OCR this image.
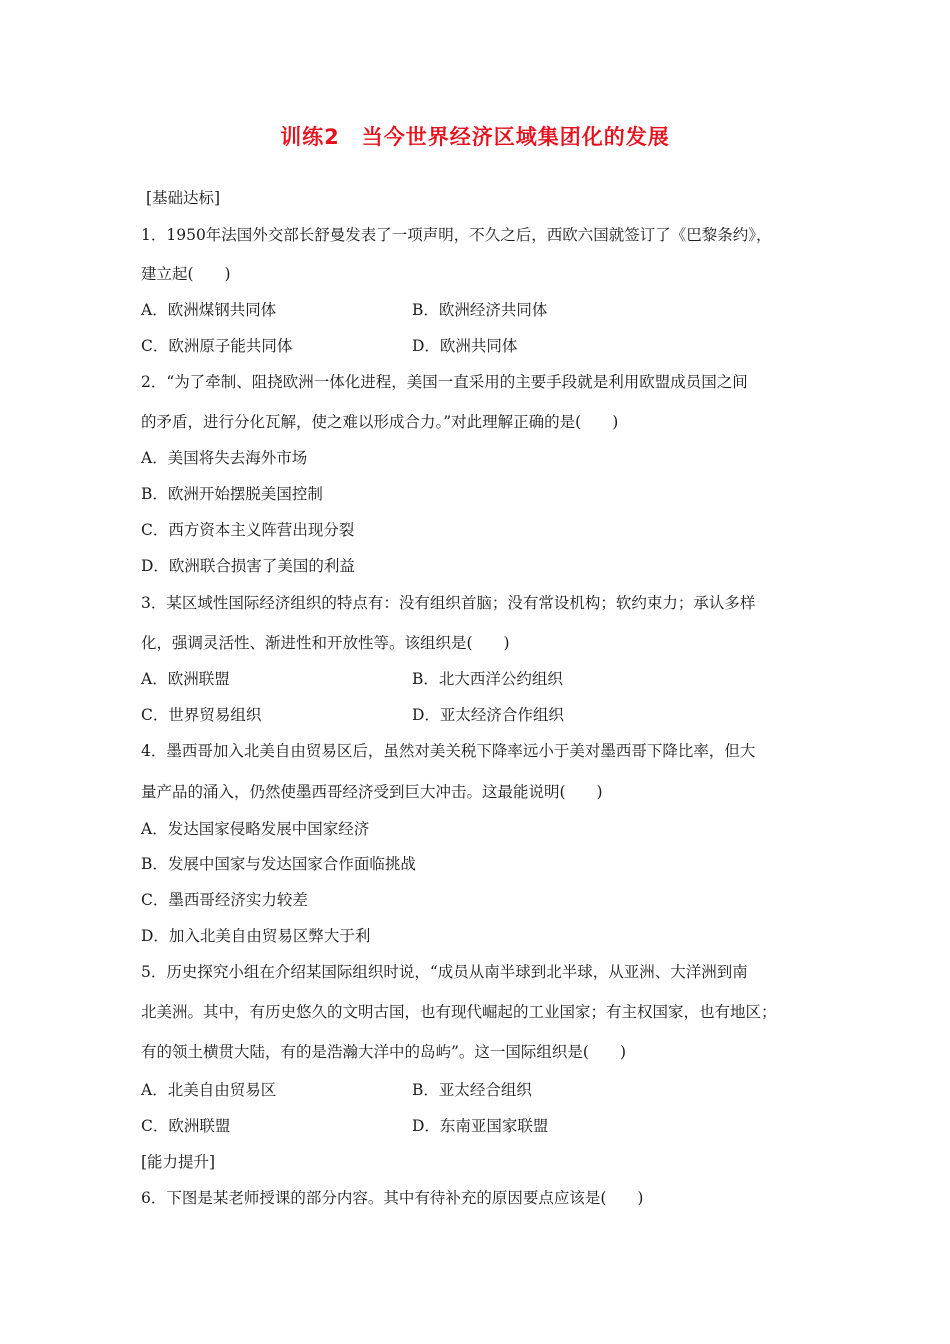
训练2　当今世界经济区域集团化的发展
[基础达标]
1．1950年法国外交部长舒曼发表了一项声明，不久之后，西欧六国就签订了《巴黎条约》，
建立起(　　)
A．欧洲煤钢共同体	B．欧洲经济共同体
C．欧洲原子能共同体	D．欧洲共同体
2．“为了牵制、阻挠欧洲一体化进程，美国一直采用的主要手段就是利用欧盟成员国之间
的矛盾，进行分化瓦解，使之难以形成合力。”对此理解正确的是(　　)
A．美国将失去海外市场
B．欧洲开始摆脱美国控制
C．西方资本主义阵营出现分裂
D．欧洲联合损害了美国的利益
3．某区域性国际经济组织的特点有：没有组织首脑；没有常设机构；软约束力；承认多样
化，强调灵活性、渐进性和开放性等。该组织是(　　)
A．欧洲联盟	B．北大西洋公约组织
C．世界贸易组织	D．亚太经济合作组织
4．墨西哥加入北美自由贸易区后，虽然对美关税下降率远小于美对墨西哥下降比率，但大
量产品的涌入，仍然使墨西哥经济受到巨大冲击。这最能说明(　　)
A．发达国家侵略发展中国家经济
B．发展中国家与发达国家合作面临挑战
C．墨西哥经济实力较差
D．加入北美自由贸易区弊大于利
5．历史探究小组在介绍某国际组织时说，“成员从南半球到北半球，从亚洲、大洋洲到南
北美洲。其中，有历史悠久的文明古国，也有现代崛起的工业国家；有主权国家，也有地区；
有的领土横贯大陆，有的是浩瀚大洋中的岛屿”。这一国际组织是(　　)
A．北美自由贸易区	B．亚太经合组织
C．欧洲联盟	D．东南亚国家联盟
[能力提升]
6．下图是某老师授课的部分内容。其中有待补充的原因要点应该是(　　)
